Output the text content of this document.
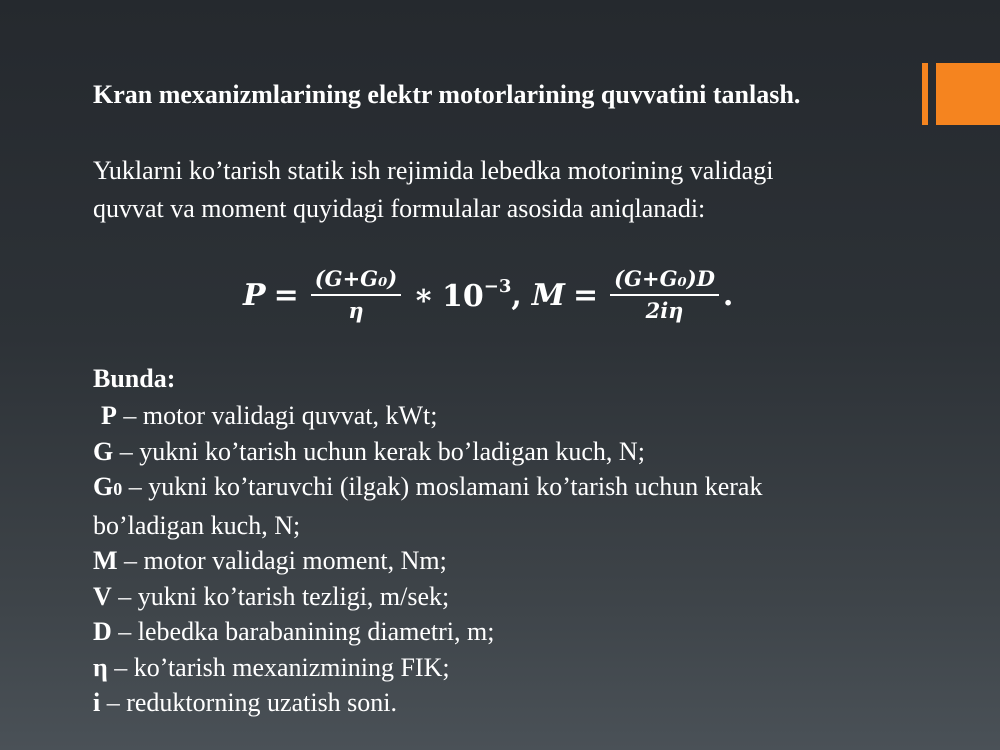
Kran mexanizmlarining elektr motorlarining quvvatini tanlash.
Yuklarni ko’tarish statik ish rejimida lebedka motorining validagi
quvvat va moment quyidagi formulalar asosida aniqlanadi:
$P = \frac{\text{(G+G₀)}}{\eta}$ ∗ $10^{-3}$ , $M = \frac{\text{(G+G₀)D}}{2i\eta}$ .
Bunda:
P – motor validagi quvvat, kWt;
G – yukni ko’tarish uchun kerak bo’ladigan kuch, N;
G0 – yukni ko’taruvchi (ilgak) moslamani ko’tarish uchun kerak
bo’ladigan kuch, N;
M – motor validagi moment, Nm;
V – yukni ko’tarish tezligi, m/sek;
D – lebedka barabanining diametri, m;
η – ko’tarish mexanizmining FIK;
i – reduktorning uzatish soni.
